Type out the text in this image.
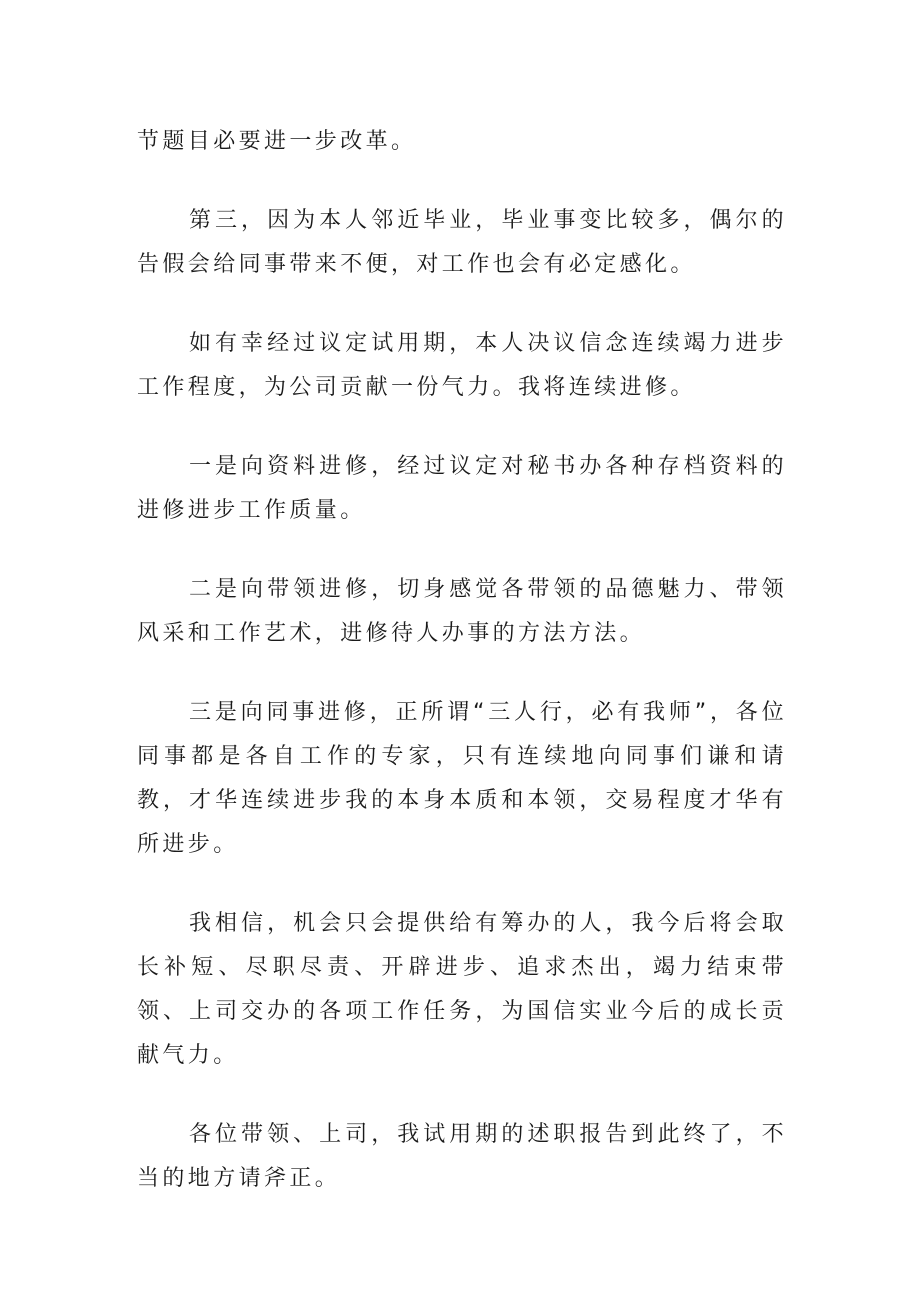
节题目必要进一步改革。

第三，因为本人邻近毕业，毕业事变比较多，偶尔的告假会给同事带来不便，对工作也会有必定感化。

如有幸经过议定试用期，本人决议信念连续竭力进步工作程度，为公司贡献一份气力。我将连续进修。

一是向资料进修，经过议定对秘书办各种存档资料的进修进步工作质量。

二是向带领进修，切身感觉各带领的品德魅力、带领风采和工作艺术，进修待人办事的方法方法。

三是向同事进修，正所谓“三人行，必有我师”，各位同事都是各自工作的专家，只有连续地向同事们谦和请教，才华连续进步我的本身本质和本领，交易程度才华有所进步。

我相信，机会只会提供给有筹办的人，我今后将会取长补短、尽职尽责、开辟进步、追求杰出，竭力结束带领、上司交办的各项工作任务，为国信实业今后的成长贡献气力。

各位带领、上司，我试用期的述职报告到此终了，不当的地方请斧正。
